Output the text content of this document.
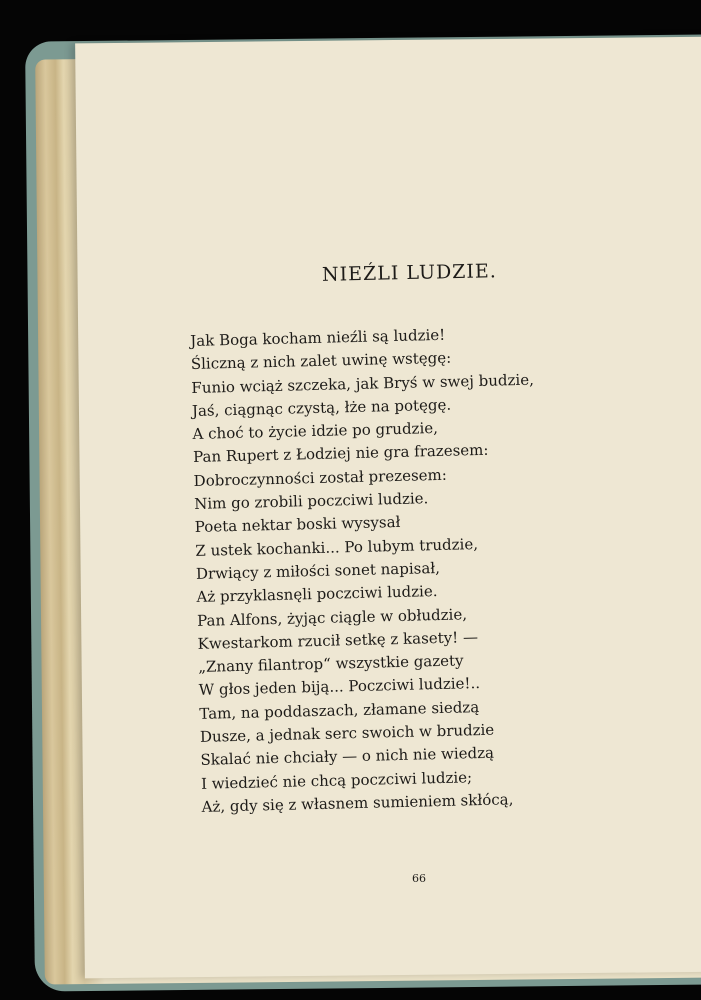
NIEŹLI LUDZIE.
Jak Boga kocham nieźli są ludzie!
Śliczną z nich zalet uwinę wstęgę:
Funio wciąż szczeka, jak Bryś w swej budzie,
Jaś, ciągnąc czystą, łże na potęgę.
A choć to życie idzie po grudzie,
Pan Rupert z Łodziej nie gra frazesem:
Dobroczynności został prezesem:
Nim go zrobili poczciwi ludzie.
Poeta nektar boski wysysał
Z ustek kochanki... Po lubym trudzie,
Drwiący z miłości sonet napisał,
Aż przyklasnęli poczciwi ludzie.
Pan Alfons, żyjąc ciągle w obłudzie,
Kwestarkom rzucił setkę z kasety! —
„Znany filantrop“ wszystkie gazety
W głos jeden biją... Poczciwi ludzie!..
Tam, na poddaszach, złamane siedzą
Dusze, a jednak serc swoich w brudzie
Skalać nie chciały — o nich nie wiedzą
I wiedzieć nie chcą poczciwi ludzie;
Aż, gdy się z własnem sumieniem skłócą,
66
